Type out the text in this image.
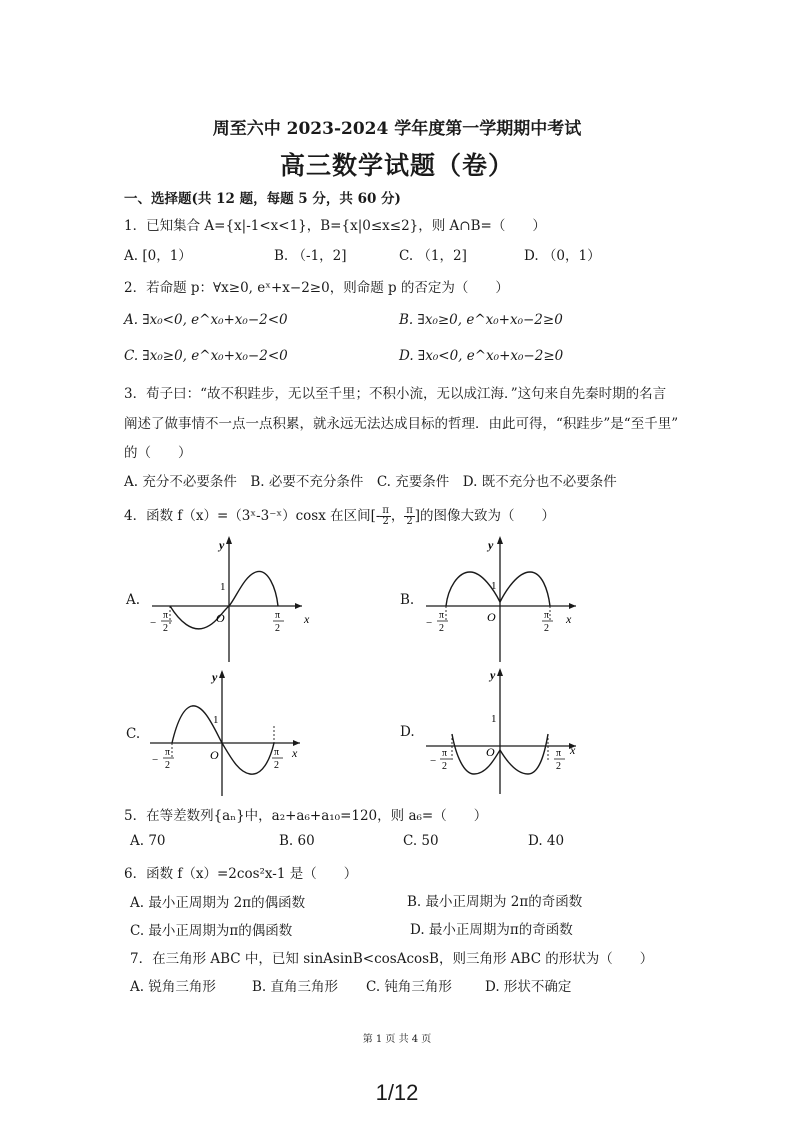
周至六中 2023-2024 学年度第一学期期中考试
高三数学试题（卷）
一、选择题(共 12 题，每题 5 分，共 60 分)
1．已知集合 A={x|-1<x<1}，B={x|0≤x≤2}，则 A∩B=（　　）
A. [0，1）	B. （-1，2]	C. （1，2]	D. （0，1）
2．若命题 p：∀x≥0, eˣ+x−2≥0，则命题 p 的否定为（　　）
A. ∃x₀<0, e^x₀+x₀−2<0	B. ∃x₀≥0, e^x₀+x₀−2≥0
C. ∃x₀≥0, e^x₀+x₀−2<0	D. ∃x₀<0, e^x₀+x₀−2≥0
3．荀子曰：“故不积跬步，无以至千里；不积小流，无以成江海．”这句来自先秦时期的名言
阐述了做事情不一点一点积累，就永远无法达成目标的哲理．由此可得，“积跬步”是“至千里”
的（　　）
A. 充分不必要条件　B. 必要不充分条件　C. 充要条件　D. 既不充分也不必要条件
4．函数 f（x）=（3ˣ-3⁻ˣ）cosx 在区间[$-\frac{\pi}{2}$，$\frac{\pi}{2}$]的图像大致为（　　）
A.	B.
C.	D.
y
x
O
1
−
π
2
π
2
y
x
O
1
−
π
2
π
2
y
x
O
1
−
π
2
π
2
y
x
O
1
−
π
2
π
2
5．在等差数列{aₙ}中，a₂+a₆+a₁₀=120，则 a₆=（　　）
A. 70	B. 60	C. 50	D. 40
6．函数 f（x）=2cos²x-1 是（　　）
A. 最小正周期为 2π的偶函数	B. 最小正周期为 2π的奇函数
C. 最小正周期为π的偶函数	D. 最小正周期为π的奇函数
7．在三角形 ABC 中，已知 sinAsinB<cosAcosB，则三角形 ABC 的形状为（　　）
A. 锐角三角形	B. 直角三角形 C. 钝角三角形 D. 形状不确定
第 1 页 共 4 页
1/12
